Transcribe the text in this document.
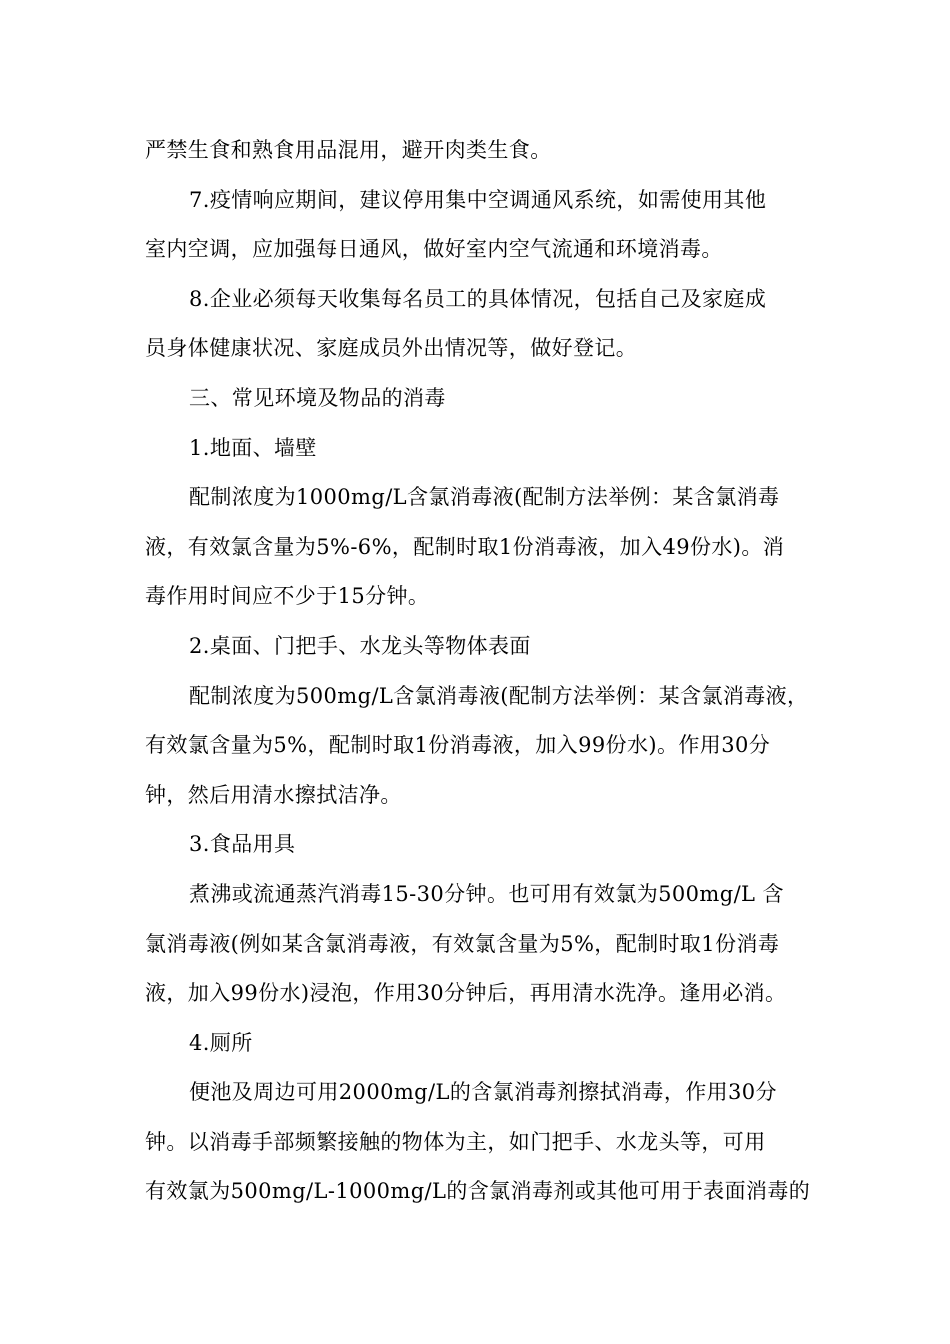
严禁生食和熟食用品混用，避开肉类生食。
7.疫情响应期间，建议停用集中空调通风系统，如需使用其他
室内空调，应加强每日通风，做好室内空气流通和环境消毒。
8.企业必须每天收集每名员工的具体情况，包括自己及家庭成
员身体健康状况、家庭成员外出情况等，做好登记。
三、常见环境及物品的消毒
1.地面、墙壁
配制浓度为1000mg/L含氯消毒液(配制方法举例：某含氯消毒
液，有效氯含量为5%-6%，配制时取1份消毒液，加入49份水)。消
毒作用时间应不少于15分钟。
2.桌面、门把手、水龙头等物体表面
配制浓度为500mg/L含氯消毒液(配制方法举例：某含氯消毒液，
有效氯含量为5%，配制时取1份消毒液，加入99份水)。作用30分
钟，然后用清水擦拭洁净。
3.食品用具
煮沸或流通蒸汽消毒15-30分钟。也可用有效氯为500mg/L 含
氯消毒液(例如某含氯消毒液，有效氯含量为5%，配制时取1份消毒
液，加入99份水)浸泡，作用30分钟后，再用清水洗净。逢用必消。
4.厕所
便池及周边可用2000mg/L的含氯消毒剂擦拭消毒，作用30分
钟。以消毒手部频繁接触的物体为主，如门把手、水龙头等，可用
有效氯为500mg/L-1000mg/L的含氯消毒剂或其他可用于表面消毒的
